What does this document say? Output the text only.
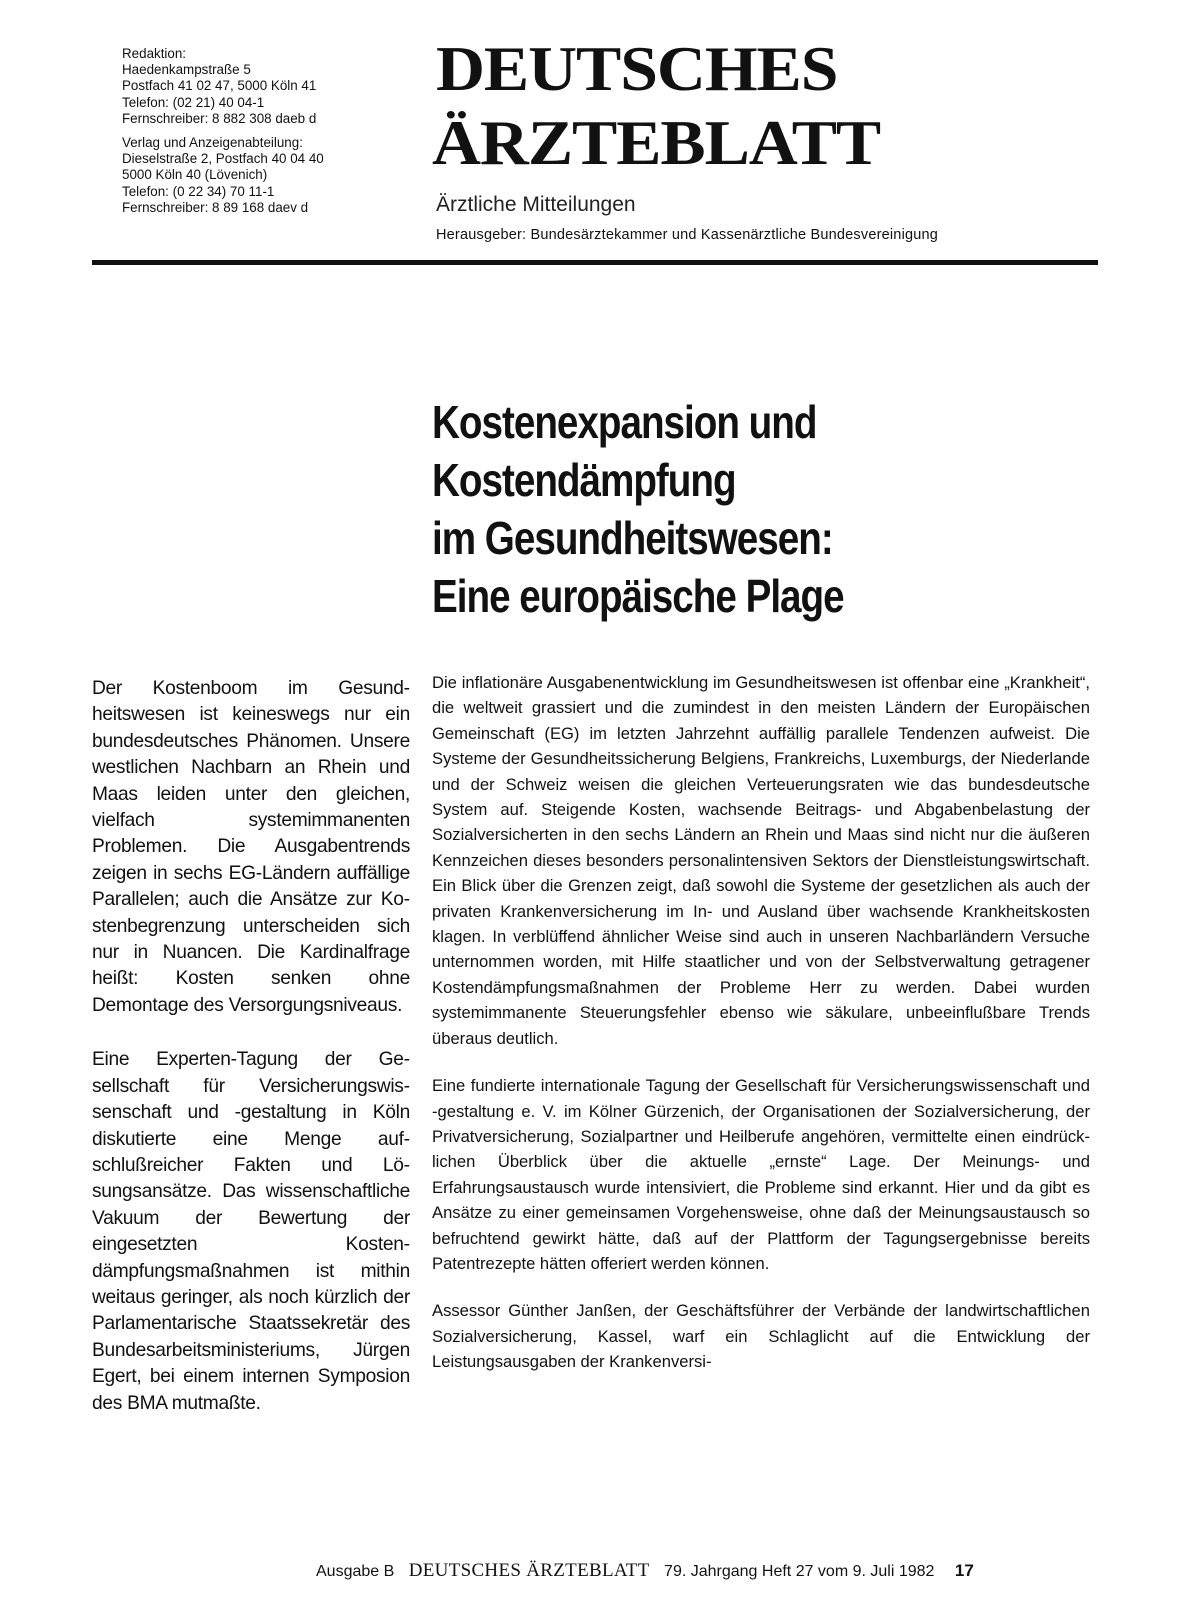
Redaktion:
Haedenkampstraße 5
Postfach 41 02 47, 5000 Köln 41
Telefon: (02 21) 40 04-1
Fernschreiber: 8 882 308 daeb d
Verlag und Anzeigenabteilung:
Dieselstraße 2, Postfach 40 04 40
5000 Köln 40 (Lövenich)
Telefon: (0 22 34) 70 11-1
Fernschreiber: 8 89 168 daev d
DEUTSCHES
ÄRZTEBLATT
Ärztliche Mitteilungen
Herausgeber: Bundesärztekammer und Kassenärztliche Bundesvereinigung
Kostenexpansion und
Kostendämpfung
im Gesundheitswesen:
Eine europäische Plage

Der Kostenboom im Gesundheitswesen ist keineswegs nur ein bundesdeutsches Phänomen. Unsere westlichen Nachbarn an Rhein und Maas leiden unter den gleichen, vielfach systemimmanenten Problemen. Die Ausgabentrends zeigen in sechs EG-Ländern auffällige Parallelen; auch die Ansätze zur Kostenbegrenzung unterscheiden sich nur in Nuancen. Die Kardinalfrage heißt: Kosten senken ohne Demontage des Versorgungsniveaus.

Eine Experten-Tagung der Gesellschaft für Versicherungswissenschaft und -gestaltung in Köln diskutierte eine Menge aufschlußreicher Fakten und Lösungsansätze. Das wissenschaftliche Vakuum der Bewertung der eingesetzten Kostendämpfungsmaßnahmen ist mithin weitaus geringer, als noch kürzlich der Parlamentarische Staatssekretär des Bundesarbeitsministeriums, Jürgen Egert, bei einem internen Symposion des BMA mutmaßte.

Die inflationäre Ausgabenentwicklung im Gesundheitswesen ist offenbar eine „Krankheit“, die weltweit grassiert und die zumindest in den meisten Ländern der Europäischen Gemeinschaft (EG) im letzten Jahrzehnt auffällig parallele Tendenzen aufweist. Die Systeme der Gesundheitssicherung Belgiens, Frankreichs, Luxemburgs, der Niederlande und der Schweiz weisen die gleichen Verteuerungsraten wie das bundesdeutsche System auf. Steigende Kosten, wachsende Beitrags- und Abgabenbelastung der Sozialversicherten in den sechs Ländern an Rhein und Maas sind nicht nur die äußeren Kennzeichen dieses besonders personalintensiven Sektors der Dienstleistungswirtschaft. Ein Blick über die Grenzen zeigt, daß sowohl die Systeme der gesetzlichen als auch der privaten Krankenversicherung im In- und Ausland über wachsende Krankheitskosten klagen. In verblüffend ähnlicher Weise sind auch in unseren Nachbarländern Versuche unternommen worden, mit Hilfe staatlicher und von der Selbstverwaltung getragener Kostendämpfungsmaßnahmen der Probleme Herr zu werden. Dabei wurden systemimmanente Steuerungsfehler ebenso wie säkulare, unbeeinflußbare Trends überaus deutlich.

Eine fundierte internationale Tagung der Gesellschaft für Versicherungswissenschaft und -gestaltung e. V. im Kölner Gürzenich, der Organisationen der Sozialversicherung, der Privatversicherung, Sozialpartner und Heilberufe angehören, vermittelte einen eindrücklichen Überblick über die aktuelle „ernste“ Lage. Der Meinungs- und Erfahrungsaustausch wurde intensiviert, die Probleme sind erkannt. Hier und da gibt es Ansätze zu einer gemeinsamen Vorgehensweise, ohne daß der Meinungsaustausch so befruchtend gewirkt hätte, daß auf der Plattform der Tagungsergebnisse bereits Patentrezepte hätten offeriert werden können.

Assessor Günther Janßen, der Geschäftsführer der Verbände der landwirtschaftlichen Sozialversicherung, Kassel, warf ein Schlaglicht auf die Entwicklung der Leistungsausgaben der Krankenversi-

Ausgabe B DEUTSCHES ÄRZTEBLATT 79. Jahrgang Heft 27 vom 9. Juli 1982 17
